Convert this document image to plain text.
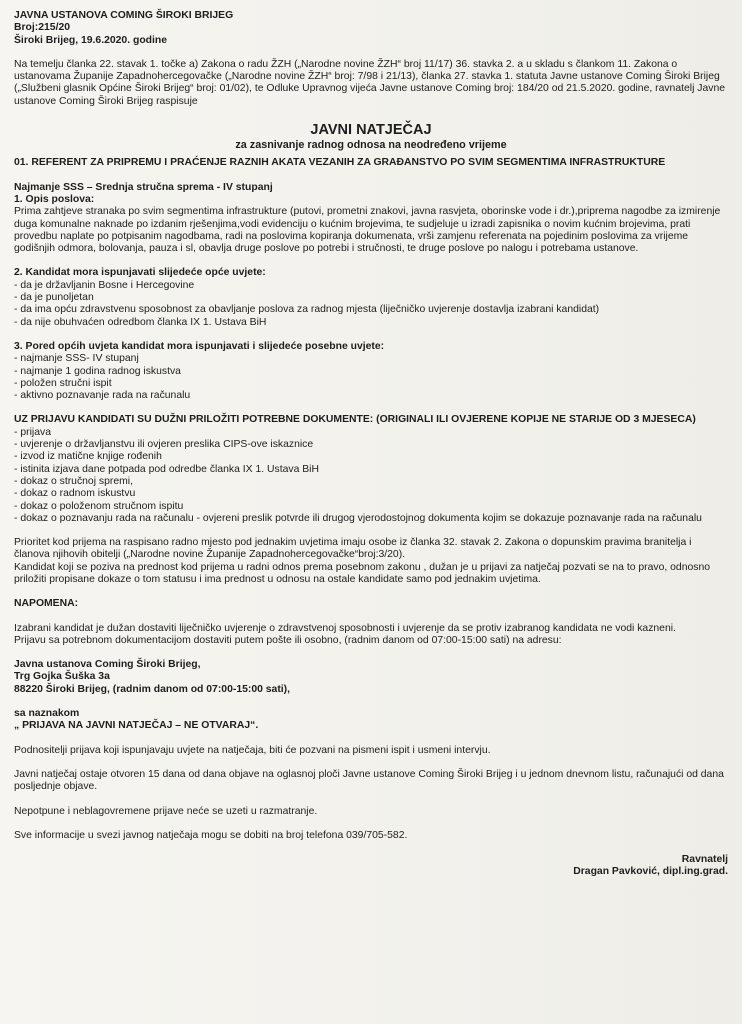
JAVNA USTANOVA COMING ŠIROKI BRIJEG

Broj:215/20

Široki Brijeg, 19.6.2020. godine

Na temelju članka 22. stavak 1. točke a) Zakona o radu ŽZH („Narodne novine ŽZH“ broj 11/17) 36. stavka 2. a u skladu s člankom 11. Zakona o ustanovama Županije Zapadnohercegovačke („Narodne novine ŽZH“ broj: 7/98 i 21/13), članka 27. stavka 1. statuta Javne ustanove Coming Široki Brijeg („Službeni glasnik Općine Široki Brijeg“ broj: 01/02), te Odluke Upravnog vijeća Javne ustanove Coming broj: 184/20 od 21.5.2020. godine, ravnatelj Javne ustanove Coming Široki Brijeg raspisuje

JAVNI NATJEČAJ

za zasnivanje radnog odnosa na neodređeno vrijeme

01. REFERENT ZA PRIPREMU I PRAĆENJE RAZNIH AKATA VEZANIH ZA GRAĐANSTVO PO SVIM SEGMENTIMA INFRASTRUKTURE

Najmanje SSS – Srednja stručna sprema - IV stupanj

1. Opis poslova:

Prima zahtjeve stranaka po svim segmentima infrastrukture (putovi, prometni znakovi, javna rasvjeta, oborinske vode i dr.),priprema nagodbe za izmirenje duga komunalne naknade po izdanim rješenjima,vodi evidenciju o kućnim brojevima, te sudjeluje u izradi zapisnika o novim kućnim brojevima, prati provedbu naplate po potpisanim nagodbama, radi na poslovima kopiranja dokumenata, vrši zamjenu referenata na pojedinim poslovima za vrijeme godišnjih odmora, bolovanja, pauza i sl, obavlja druge poslove po potrebi i stručnosti, te druge poslove po nalogu i potrebama ustanove.

2. Kandidat mora ispunjavati slijedeće opće uvjete:

- da je državljanin Bosne i Hercegovine
- da je punoljetan
- da ima opću zdravstvenu sposobnost za obavljanje poslova za radnog mjesta (liječničko uvjerenje dostavlja izabrani kandidat)
- da nije obuhvaćen odredbom članka IX 1. Ustava BiH

3. Pored općih uvjeta kandidat mora ispunjavati i slijedeće posebne uvjete:

- najmanje SSS- IV stupanj
- najmanje 1 godina radnog iskustva
- položen stručni ispit
- aktivno poznavanje rada na računalu

UZ PRIJAVU KANDIDATI SU DUŽNI PRILOŽITI POTREBNE DOKUMENTE: (ORIGINALI ILI OVJERENE KOPIJE NE STARIJE OD 3 MJESECA)

- prijava
- uvjerenje o državljanstvu ili ovjeren preslika CIPS-ove iskaznice
- izvod iz matične knjige rođenih
- istinita izjava dane potpada pod odredbe članka IX 1. Ustava BiH
- dokaz o stručnoj spremi,
- dokaz o radnom iskustvu
- dokaz o položenom stručnom ispitu
- dokaz o poznavanju rada na računalu - ovjereni preslik potvrde ili drugog vjerodostojnog dokumenta kojim se dokazuje poznavanje rada na računalu

Prioritet kod prijema na raspisano radno mjesto pod jednakim uvjetima imaju osobe iz članka 32. stavak 2. Zakona o dopunskim pravima branitelja i članova njihovih obitelji („Narodne novine Županije Zapadnohercegovačke“broj:3/20).

Kandidat koji se poziva na prednost kod prijema u radni odnos prema posebnom zakonu , dužan je u prijavi za natječaj pozvati se na to pravo, odnosno priložiti propisane dokaze o tom statusu i ima prednost u odnosu na ostale kandidate samo pod jednakim uvjetima.

NAPOMENA:

Izabrani kandidat je dužan dostaviti liječničko uvjerenje o zdravstvenoj sposobnosti i uvjerenje da se protiv izabranog kandidata ne vodi kazneni.

Prijavu sa potrebnom dokumentacijom dostaviti putem pošte ili osobno, (radnim danom od 07:00-15:00 sati) na adresu:

Javna ustanova Coming Široki Brijeg,

Trg Gojka Šuška 3a

88220 Široki Brijeg, (radnim danom od 07:00-15:00 sati),

sa naznakom

„ PRIJAVA NA JAVNI NATJEČAJ – NE OTVARAJ“.

Podnositelji prijava koji ispunjavaju uvjete na natječaja, biti će pozvani na pismeni ispit i usmeni intervju.

Javni natječaj ostaje otvoren 15 dana od dana objave na oglasnoj ploči Javne ustanove Coming Široki Brijeg i u jednom dnevnom listu, računajući od dana posljednje objave.

Nepotpune i neblagovremene prijave neće se uzeti u razmatranje.

Sve informacije u svezi javnog natječaja mogu se dobiti na broj telefona 039/705-582.

Ravnatelj

Dragan Pavković, dipl.ing.grad.
